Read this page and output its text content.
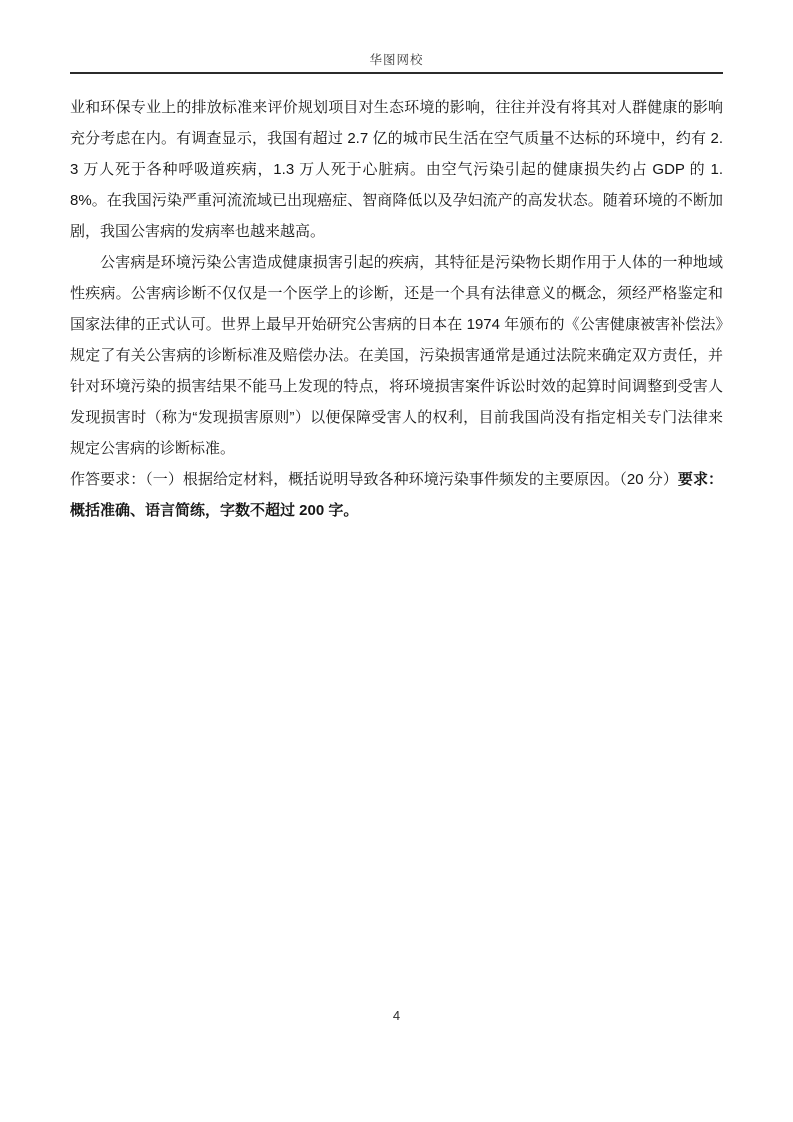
华图网校

业和环保专业上的排放标准来评价规划项目对生态环境的影响，往往并没有将其对人群健康的影响充分考虑在内。有调查显示，我国有超过 2.7 亿的城市民生活在空气质量不达标的环境中，约有 2.3 万人死于各种呼吸道疾病，1.3 万人死于心脏病。由空气污染引起的健康损失约占 GDP 的 1.8%。在我国污染严重河流流域已出现癌症、智商降低以及孕妇流产的高发状态。随着环境的不断加剧，我国公害病的发病率也越来越高。

公害病是环境污染公害造成健康损害引起的疾病，其特征是污染物长期作用于人体的一种地域性疾病。公害病诊断不仅仅是一个医学上的诊断，还是一个具有法律意义的概念，须经严格鉴定和国家法律的正式认可。世界上最早开始研究公害病的日本在 1974 年颁布的《公害健康被害补偿法》规定了有关公害病的诊断标准及赔偿办法。在美国，污染损害通常是通过法院来确定双方责任，并针对环境污染的损害结果不能马上发现的特点，将环境损害案件诉讼时效的起算时间调整到受害人发现损害时（称为“发现损害原则”）以便保障受害人的权利，目前我国尚没有指定相关专门法律来规定公害病的诊断标准。

作答要求：（一）根据给定材料，概括说明导致各种环境污染事件频发的主要原因。（20 分）要求：概括准确、语言简练，字数不超过 200 字。

4
